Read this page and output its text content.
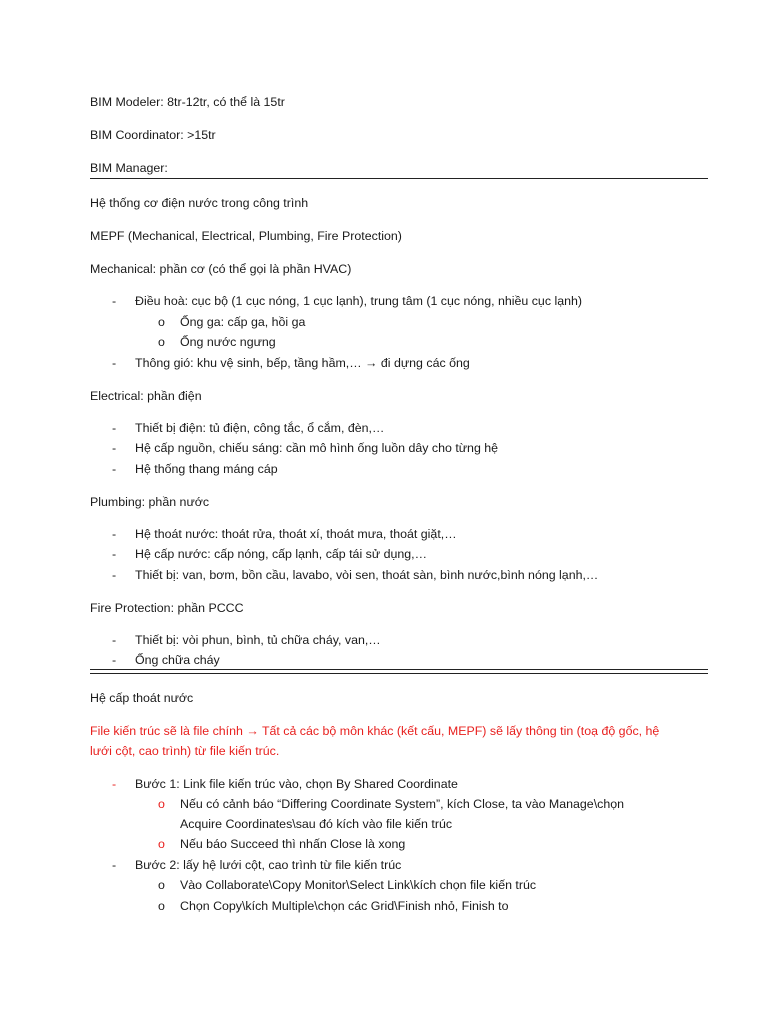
BIM Modeler: 8tr-12tr, có thể là 15tr
BIM Coordinator: >15tr
BIM Manager:
Hệ thống cơ điện nước trong công trình
MEPF (Mechanical, Electrical, Plumbing, Fire Protection)
Mechanical: phần cơ (có thể gọi là phần HVAC)
- Điều hoà: cục bộ (1 cục nóng, 1 cục lạnh), trung tâm (1 cục nóng, nhiều cục lạnh)
o Ống ga: cấp ga, hồi ga
o Ống nước ngưng
- Thông gió: khu vệ sinh, bếp, tầng hầm,… → đi dựng các ống
Electrical: phần điện
- Thiết bị điện: tủ điện, công tắc, ổ cắm, đèn,…
- Hệ cấp nguồn, chiếu sáng: cần mô hình ống luồn dây cho từng hệ
- Hệ thống thang máng cáp
Plumbing: phần nước
- Hệ thoát nước: thoát rửa, thoát xí, thoát mưa, thoát giặt,…
- Hệ cấp nước: cấp nóng, cấp lạnh, cấp tái sử dụng,…
- Thiết bị: van, bơm, bồn cầu, lavabo, vòi sen, thoát sàn, bình nước,bình nóng lạnh,…
Fire Protection: phần PCCC
- Thiết bị: vòi phun, bình, tủ chữa cháy, van,…
- Ống chữa cháy
Hệ cấp thoát nước
File kiến trúc sẽ là file chính → Tất cả các bộ môn khác (kết cấu, MEPF) sẽ lấy thông tin (toạ độ gốc, hệ
lưới cột, cao trình) từ file kiến trúc.
- Bước 1: Link file kiến trúc vào, chọn By Shared Coordinate
o Nếu có cảnh báo “Differing Coordinate System”, kích Close, ta vào Manage\chọn
Acquire Coordinates\sau đó kích vào file kiến trúc
o Nếu báo Succeed thì nhấn Close là xong
- Bước 2: lấy hệ lưới cột, cao trình từ file kiến trúc
o Vào Collaborate\Copy Monitor\Select Link\kích chọn file kiến trúc
o Chọn Copy\kích Multiple\chọn các Grid\Finish nhỏ, Finish to
